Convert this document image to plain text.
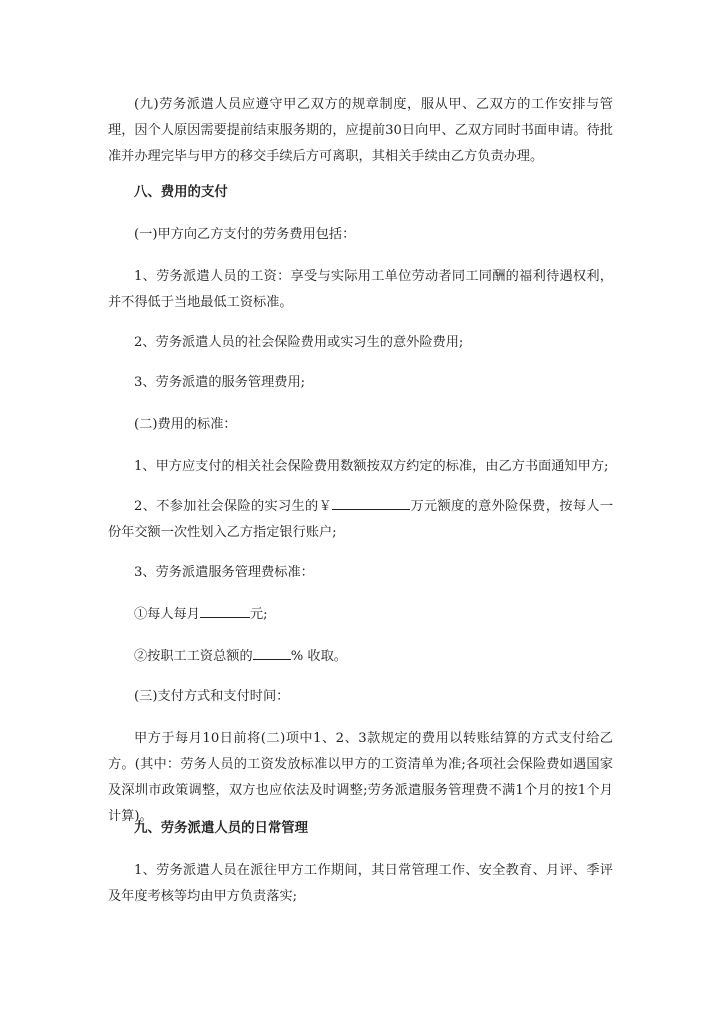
(九)劳务派遣人员应遵守甲乙双方的规章制度，服从甲、乙双方的工作安排与管理，因个人原因需要提前结束服务期的，应提前30日向甲、乙双方同时书面申请。待批准并办理完毕与甲方的移交手续后方可离职，其相关手续由乙方负责办理。

八、费用的支付

(一)甲方向乙方支付的劳务费用包括：

1、劳务派遣人员的工资：享受与实际用工单位劳动者同工同酬的福利待遇权利，并不得低于当地最低工资标准。

2、劳务派遣人员的社会保险费用或实习生的意外险费用;

3、劳务派遣的服务管理费用;

(二)费用的标准：

1、甲方应支付的相关社会保险费用数额按双方约定的标准，由乙方书面通知甲方;

2、不参加社会保险的实习生的￥	万元额度的意外险保费，按每人一份年交额一次性划入乙方指定银行账户;

3、劳务派遣服务管理费标准：

①每人每月	元;

②按职工工资总额的	% 收取。

(三)支付方式和支付时间：

甲方于每月10日前将(二)项中1、2、3款规定的费用以转账结算的方式支付给乙方。(其中：劳务人员的工资发放标准以甲方的工资清单为准;各项社会保险费如遇国家及深圳市政策调整，双方也应依法及时调整;劳务派遣服务管理费不满1个月的按1个月计算)。

九、劳务派遣人员的日常管理

1、劳务派遣人员在派往甲方工作期间，其日常管理工作、安全教育、月评、季评及年度考核等均由甲方负责落实;
